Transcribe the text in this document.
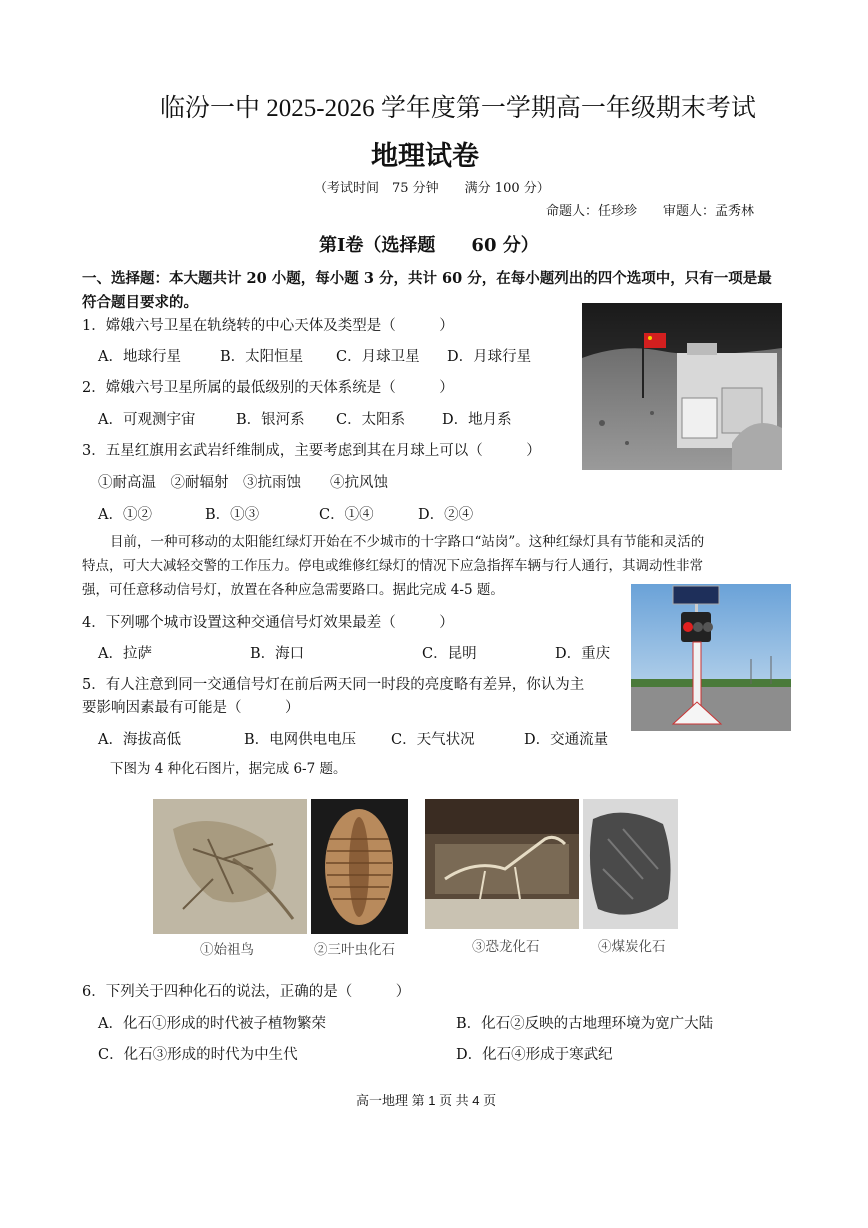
临汾一中 2025-2026 学年度第一学期高一年级期末考试
地理试卷
（考试时间　75 分钟　　满分 100 分）
命题人：任珍珍　　审题人：孟秀林
第Ⅰ卷（选择题　　60 分）
一、选择题：本大题共计 20 小题，每小题 3 分，共计 60 分，在每小题列出的四个选项中，只有一项是最
符合题目要求的。
1．嫦娥六号卫星在轨绕转的中心天体及类型是（　　　）
A．地球行星	B．太阳恒星 C．月球卫星 D．月球行星
2．嫦娥六号卫星所属的最低级别的天体系统是（　　　）
A．可观测宇宙	B．银河系 C．太阳系	D．地月系
3．五星红旗用玄武岩纤维制成，主要考虑到其在月球上可以（　　　）
①耐高温　②耐辐射　③抗雨蚀　　④抗风蚀
A．①②	B．①③	C．①④	D．②④
目前，一种可移动的太阳能红绿灯开始在不少城市的十字路口“站岗”。这种红绿灯具有节能和灵活的
特点，可大大减轻交警的工作压力。停电或维修红绿灯的情况下应急指挥车辆与行人通行，其调动性非常
强，可任意移动信号灯，放置在各种应急需要路口。据此完成 4-5 题。
4．下列哪个城市设置这种交通信号灯效果最差（　　　）
A．拉萨	B．海口	C．昆明	D．重庆
5．有人注意到同一交通信号灯在前后两天同一时段的亮度略有差异，你认为主
要影响因素最有可能是（　　　）
A．海拔高低	B．电网供电电压 C．天气状况	D．交通流量
下图为 4 种化石图片，据完成 6-7 题。
①始祖鸟	②三叶虫化石	③恐龙化石	④煤炭化石
6．下列关于四种化石的说法，正确的是（　　　）
A．化石①形成的时代被子植物繁荣	B．化石②反映的古地理环境为宽广大陆
C．化石③形成的时代为中生代	D．化石④形成于寒武纪
高一地理 第 1 页 共 4 页
